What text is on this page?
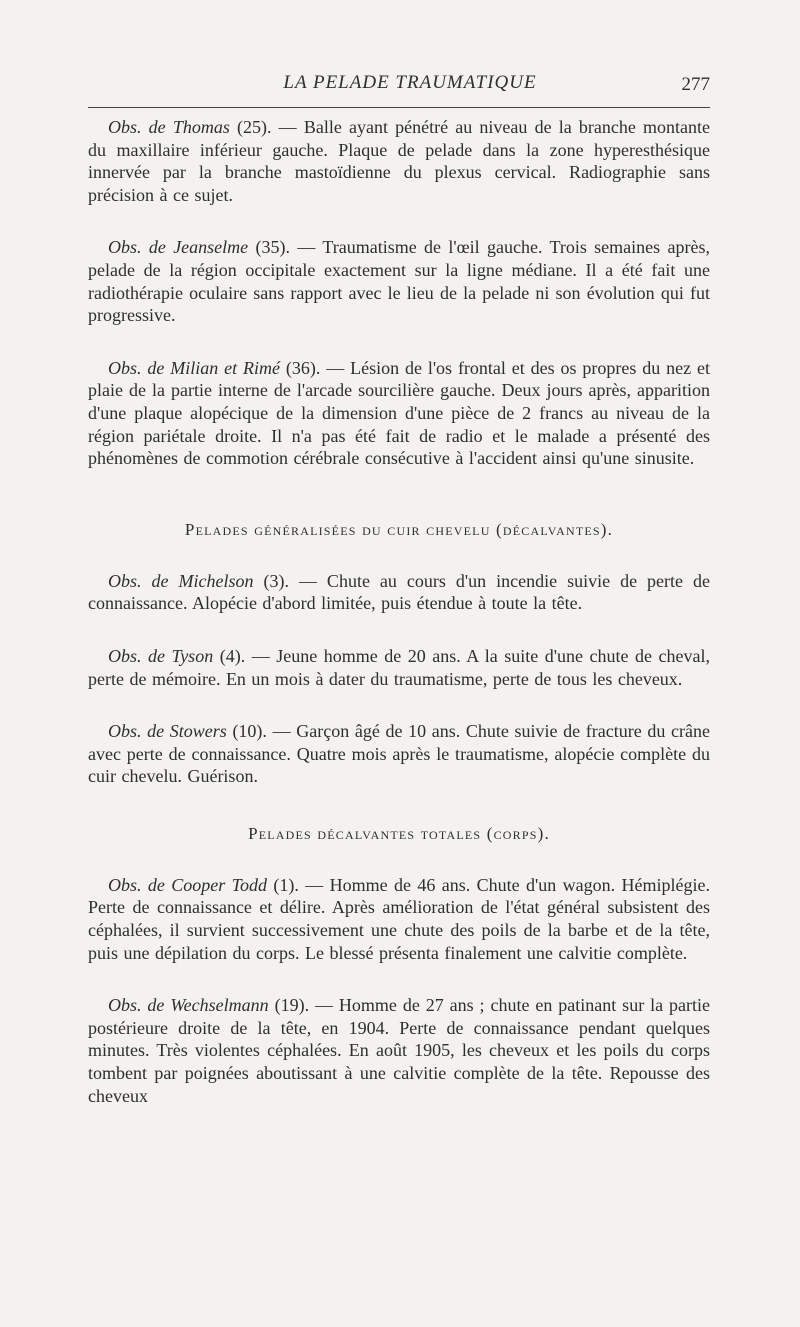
LA PELADE TRAUMATIQUE	277

Obs. de Thomas (25). — Balle ayant pénétré au niveau de la branche montante du maxillaire inférieur gauche. Plaque de pelade dans la zone hyperesthésique innervée par la branche mastoïdienne du plexus cervical. Radiographie sans précision à ce sujet.

Obs. de Jeanselme (35). — Traumatisme de l'œil gauche. Trois semaines après, pelade de la région occipitale exactement sur la ligne médiane. Il a été fait une radiothérapie oculaire sans rapport avec le lieu de la pelade ni son évolution qui fut progressive.

Obs. de Milian et Rimé (36). — Lésion de l'os frontal et des os propres du nez et plaie de la partie interne de l'arcade sourcilière gauche. Deux jours après, apparition d'une plaque alopécique de la dimension d'une pièce de 2 francs au niveau de la région pariétale droite. Il n'a pas été fait de radio et le malade a présenté des phénomènes de commotion cérébrale consécutive à l'accident ainsi qu'une sinusite.

Pelades généralisées du cuir chevelu (décalvantes).

Obs. de Michelson (3). — Chute au cours d'un incendie suivie de perte de connaissance. Alopécie d'abord limitée, puis étendue à toute la tête.

Obs. de Tyson (4). — Jeune homme de 20 ans. A la suite d'une chute de cheval, perte de mémoire. En un mois à dater du traumatisme, perte de tous les cheveux.

Obs. de Stowers (10). — Garçon âgé de 10 ans. Chute suivie de fracture du crâne avec perte de connaissance. Quatre mois après le traumatisme, alopécie complète du cuir chevelu. Guérison.

Pelades décalvantes totales (corps).

Obs. de Cooper Todd (1). — Homme de 46 ans. Chute d'un wagon. Hémiplégie. Perte de connaissance et délire. Après amélioration de l'état général subsistent des céphalées, il survient successivement une chute des poils de la barbe et de la tête, puis une dépilation du corps. Le blessé présenta finalement une calvitie complète.

Obs. de Wechselmann (19). — Homme de 27 ans ; chute en patinant sur la partie postérieure droite de la tête, en 1904. Perte de connaissance pendant quelques minutes. Très violentes céphalées. En août 1905, les cheveux et les poils du corps tombent par poignées aboutissant à une calvitie complète de la tête. Repousse des cheveux
